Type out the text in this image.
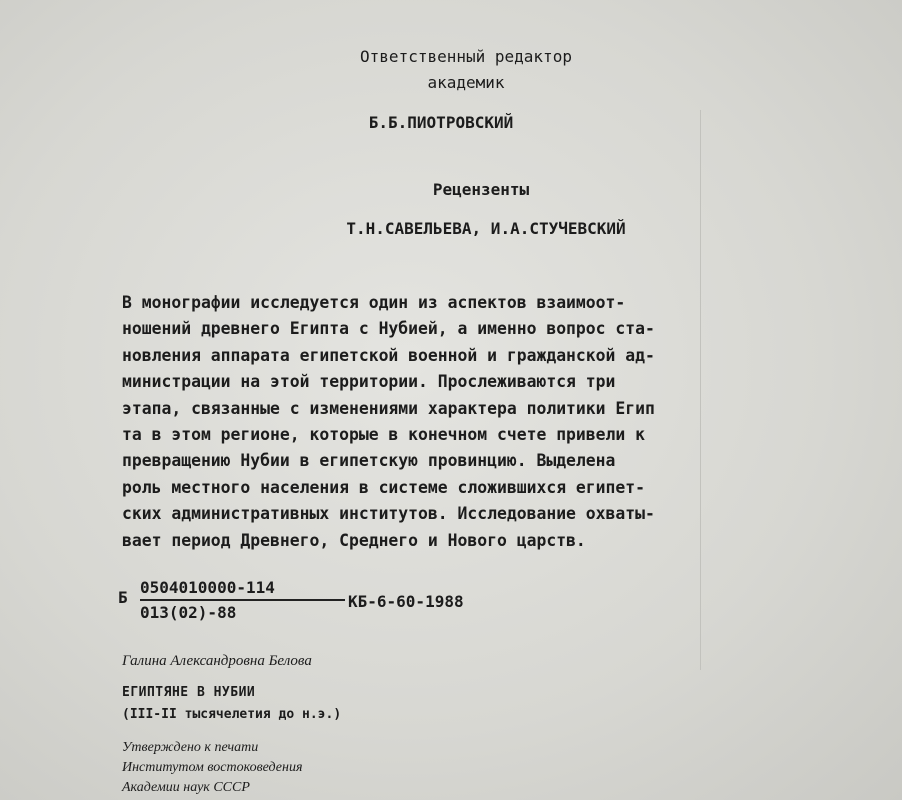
Ответственный редактор
академик
Б.Б.ПИОТРОВСКИЙ
Рецензенты
Т.Н.САВЕЛЬЕВА, И.А.СТУЧЕВСКИЙ
В монографии исследуется один из аспектов взаимоот-
ношений древнего Египта с Нубией, а именно вопрос ста-
новления аппарата египетской военной и гражданской ад-
министрации на этой территории. Прослеживаются три
этапа, связанные с изменениями характера политики Егип
та в этом регионе, которые в конечном счете привели к
превращению Нубии в египетскую провинцию. Выделена
роль местного населения в системе сложившихся египет-
ских административных институтов. Исследование охваты-
вает период Древнего, Среднего и Нового царств.
Б
0504010000-114
013(02)-88
КБ-6-60-1988
Галина Александровна Белова
ЕГИПТЯНЕ В НУБИИ
(III-II тысячелетия до н.э.)
Утверждено к печати
Институтом востоковедения
Академии наук СССР
